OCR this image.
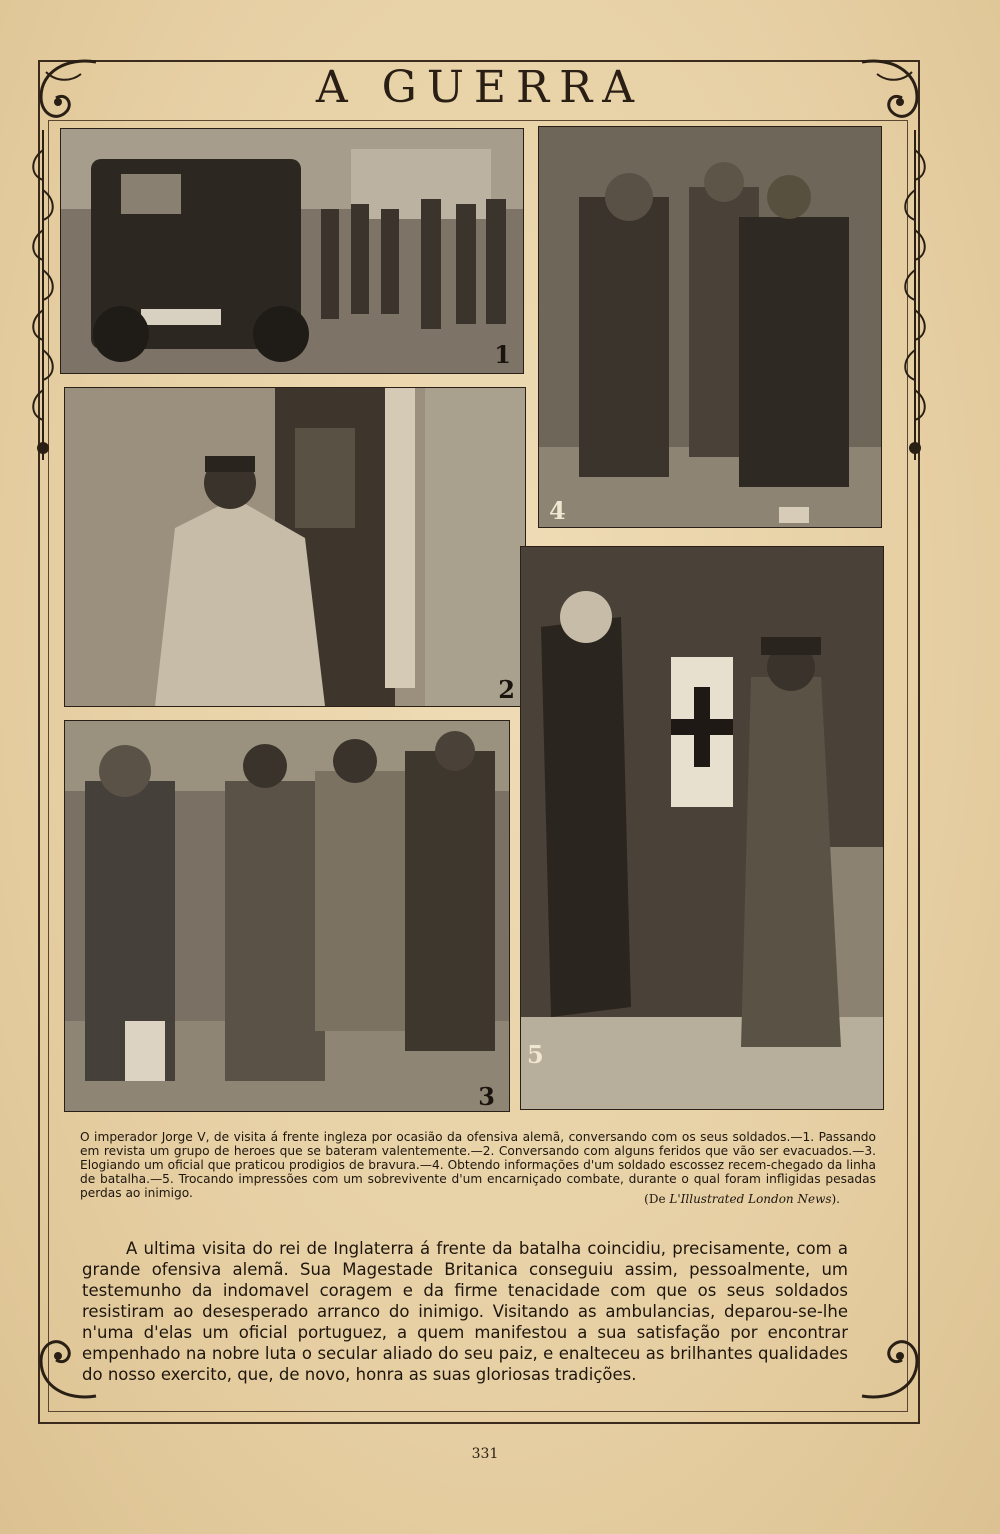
A GUERRA
1
4
2
5
3
O imperador Jorge V, de visita á frente ingleza por ocasião da ofensiva alemã, conversando com os seus soldados.—1. Passando em revista um grupo de heroes que se bateram valentemente.—2. Conversando com alguns feridos que vão ser evacuados.—3. Elogiando um oficial que praticou prodigios de bravura.—4. Obtendo informações d'um soldado escossez recem-chegado da linha de batalha.—5. Trocando impressões com um sobrevivente d'um encarniçado combate, durante o qual foram infligidas pesadas perdas ao inimigo.	(De L'Illustrated London News).
A ultima visita do rei de Inglaterra á frente da batalha coincidiu, precisamente, com a grande ofensiva alemã. Sua Magestade Britanica conseguiu assim, pessoalmente, um testemunho da indomavel coragem e da firme tenacidade com que os seus soldados resistiram ao desesperado arranco do inimigo. Visitando as ambulancias, deparou-se-lhe n'uma d'elas um oficial portuguez, a quem manifestou a sua satisfação por encontrar empenhado na nobre luta o secular aliado do seu paiz, e enalteceu as brilhantes qualidades do nosso exercito, que, de novo, honra as suas gloriosas tradições.
331
